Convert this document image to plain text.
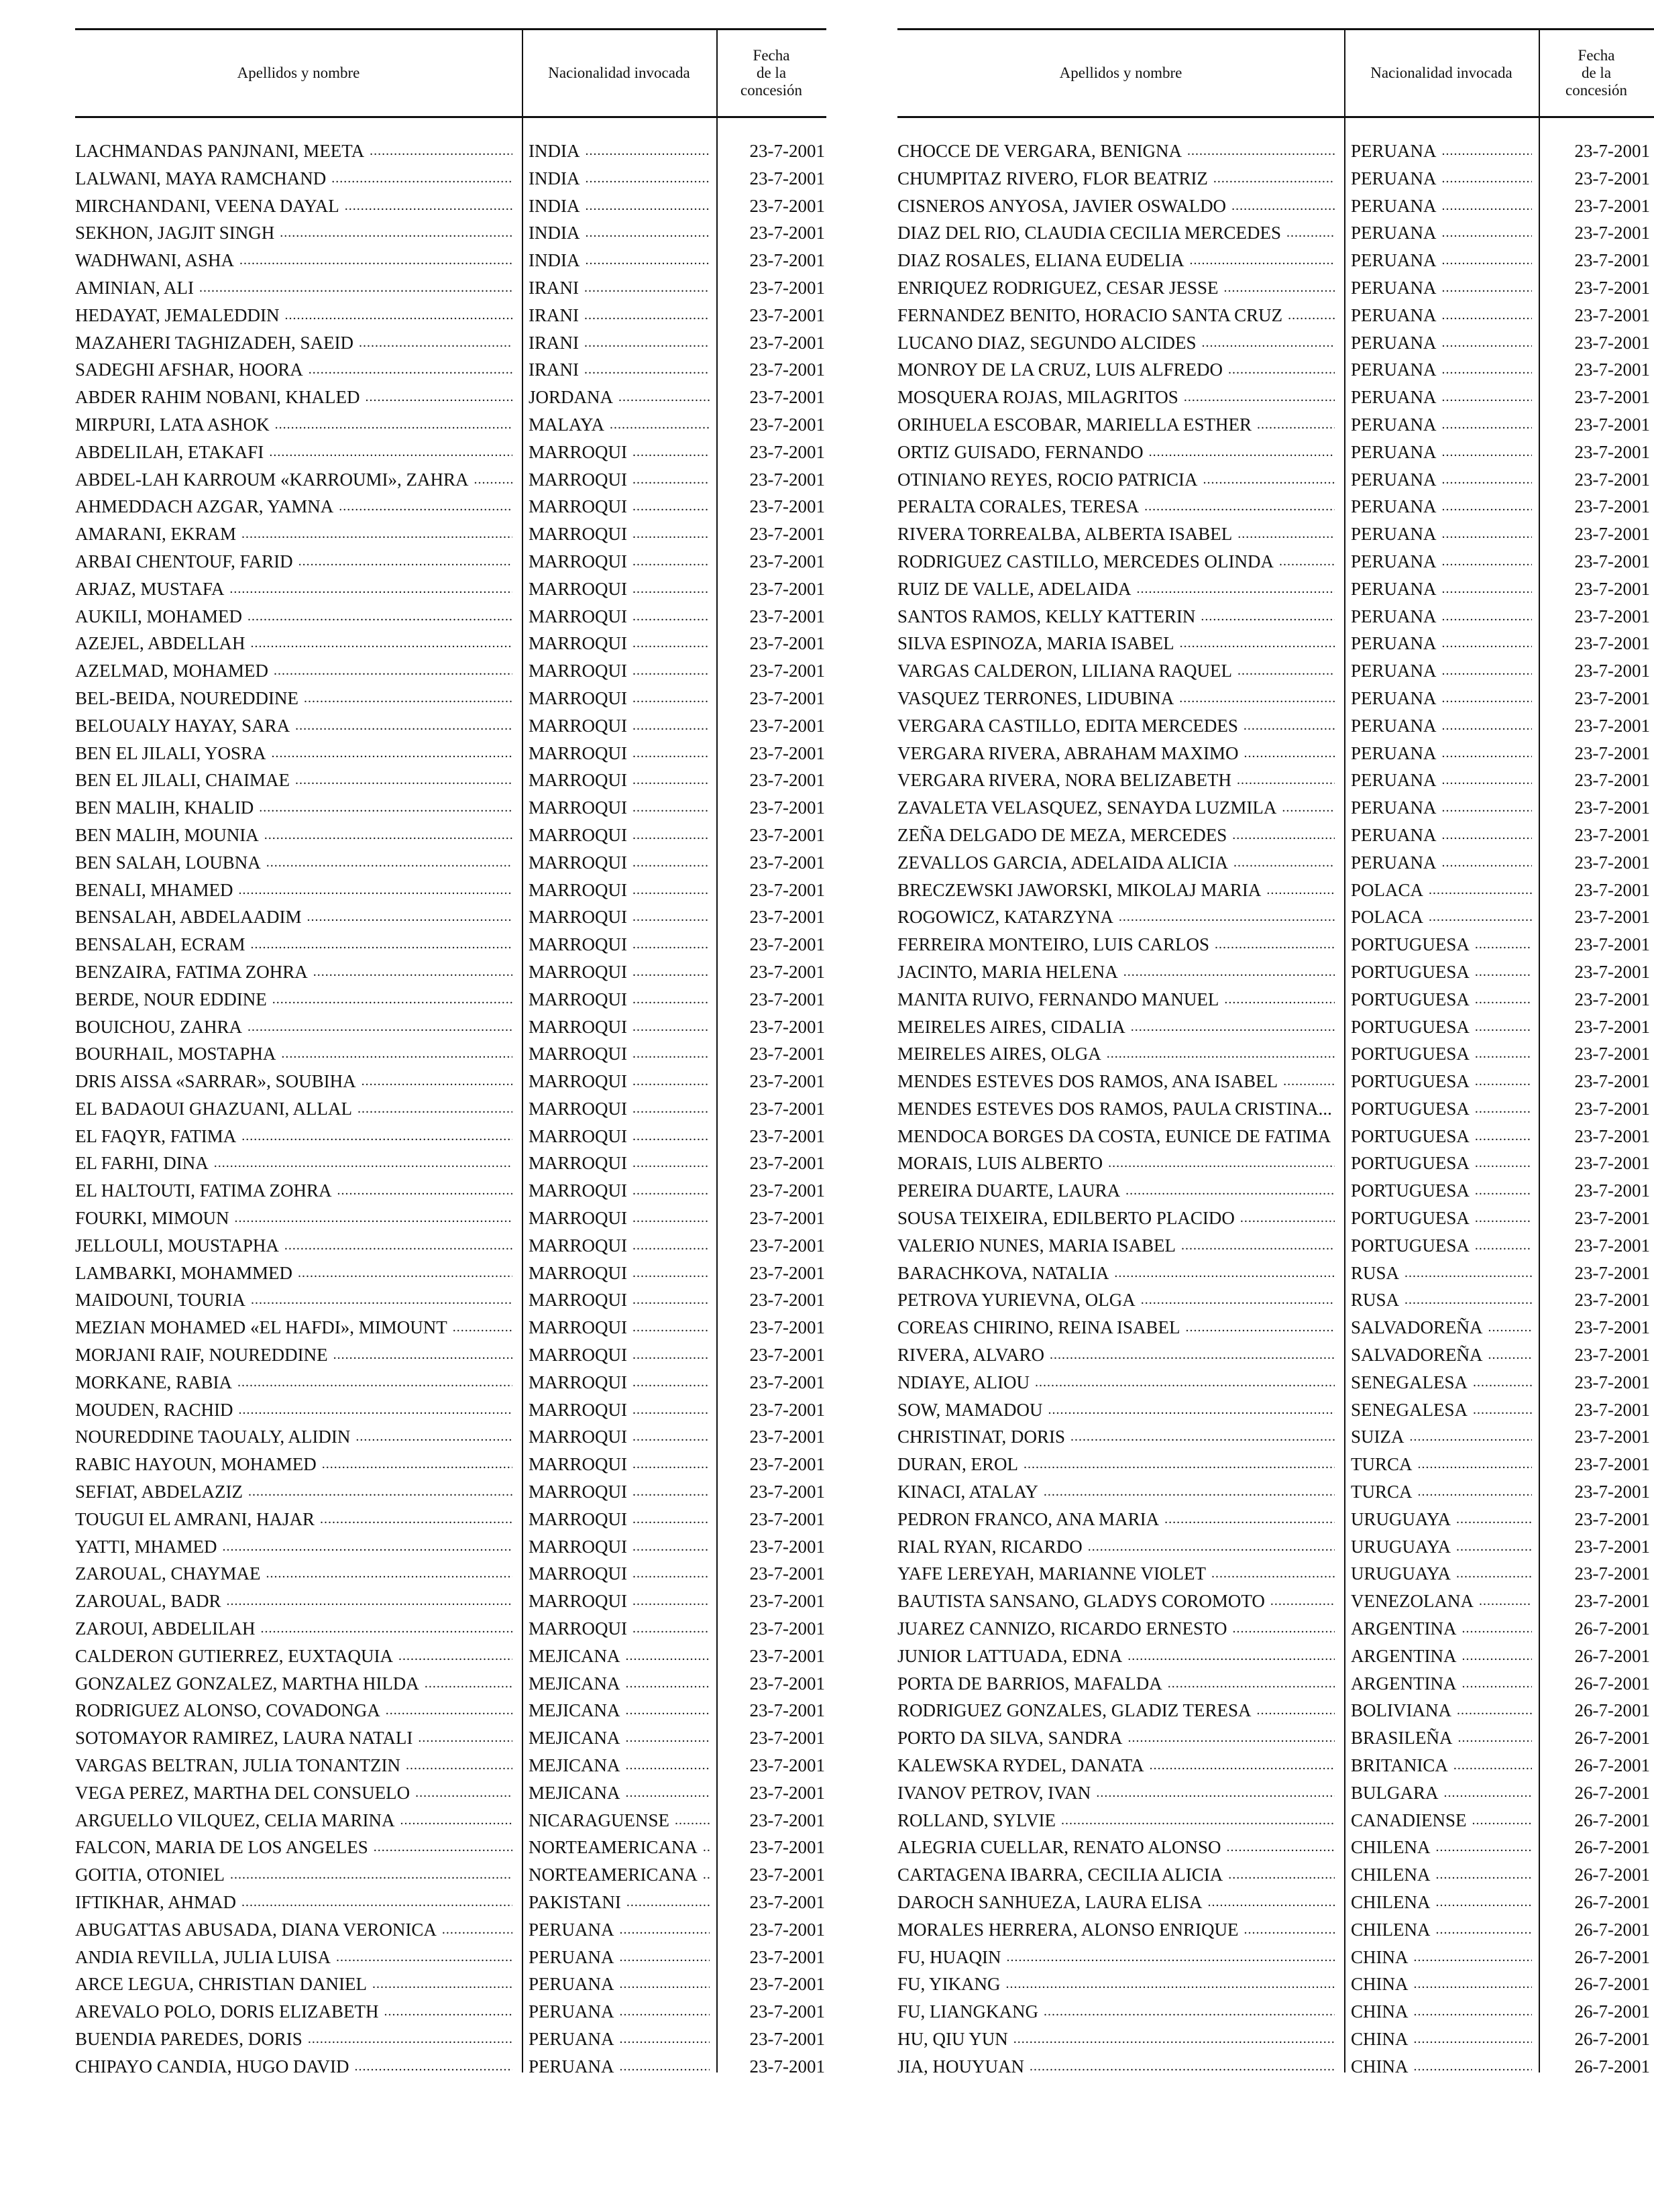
Apellidos y nombre	Nacionalidad invocada
Fecha
de la
concesión
LACHMANDAS PANJNANI, MEETA .....	INDIA .....	23-7-2001
LALWANI, MAYA RAMCHAND .....	INDIA .....	23-7-2001
MIRCHANDANI, VEENA DAYAL .....	INDIA .....	23-7-2001
SEKHON, JAGJIT SINGH .....	INDIA .....	23-7-2001
WADHWANI, ASHA .....	INDIA .....	23-7-2001
AMINIAN, ALI .....	IRANI .....	23-7-2001
HEDAYAT, JEMALEDDIN .....	IRANI .....	23-7-2001
MAZAHERI TAGHIZADEH, SAEID .....	IRANI .....	23-7-2001
SADEGHI AFSHAR, HOORA .....	IRANI .....	23-7-2001
ABDER RAHIM NOBANI, KHALED .....	JORDANA .....	23-7-2001
MIRPURI, LATA ASHOK .....	MALAYA .....	23-7-2001
ABDELILAH, ETAKAFI .....	MARROQUI .....	23-7-2001
ABDEL-LAH KARROUM «KARROUMI», ZAHRA .....	MARROQUI .....	23-7-2001
AHMEDDACH AZGAR, YAMNA .....	MARROQUI .....	23-7-2001
AMARANI, EKRAM .....	MARROQUI .....	23-7-2001
ARBAI CHENTOUF, FARID .....	MARROQUI .....	23-7-2001
ARJAZ, MUSTAFA .....	MARROQUI .....	23-7-2001
AUKILI, MOHAMED .....	MARROQUI .....	23-7-2001
AZEJEL, ABDELLAH .....	MARROQUI .....	23-7-2001
AZELMAD, MOHAMED .....	MARROQUI .....	23-7-2001
BEL-BEIDA, NOUREDDINE .....	MARROQUI .....	23-7-2001
BELOUALY HAYAY, SARA .....	MARROQUI .....	23-7-2001
BEN EL JILALI, YOSRA .....	MARROQUI .....	23-7-2001
BEN EL JILALI, CHAIMAE .....	MARROQUI .....	23-7-2001
BEN MALIH, KHALID .....	MARROQUI .....	23-7-2001
BEN MALIH, MOUNIA .....	MARROQUI .....	23-7-2001
BEN SALAH, LOUBNA .....	MARROQUI .....	23-7-2001
BENALI, MHAMED .....	MARROQUI .....	23-7-2001
BENSALAH, ABDELAADIM .....	MARROQUI .....	23-7-2001
BENSALAH, ECRAM .....	MARROQUI .....	23-7-2001
BENZAIRA, FATIMA ZOHRA .....	MARROQUI .....	23-7-2001
BERDE, NOUR EDDINE .....	MARROQUI .....	23-7-2001
BOUICHOU, ZAHRA .....	MARROQUI .....	23-7-2001
BOURHAIL, MOSTAPHA .....	MARROQUI .....	23-7-2001
DRIS AISSA «SARRAR», SOUBIHA .....	MARROQUI .....	23-7-2001
EL BADAOUI GHAZUANI, ALLAL .....	MARROQUI .....	23-7-2001
EL FAQYR, FATIMA .....	MARROQUI .....	23-7-2001
EL FARHI, DINA .....	MARROQUI .....	23-7-2001
EL HALTOUTI, FATIMA ZOHRA .....	MARROQUI .....	23-7-2001
FOURKI, MIMOUN .....	MARROQUI .....	23-7-2001
JELLOULI, MOUSTAPHA .....	MARROQUI .....	23-7-2001
LAMBARKI, MOHAMMED .....	MARROQUI .....	23-7-2001
MAIDOUNI, TOURIA .....	MARROQUI .....	23-7-2001
MEZIAN MOHAMED «EL HAFDI», MIMOUNT .....	MARROQUI .....	23-7-2001
MORJANI RAIF, NOUREDDINE .....	MARROQUI .....	23-7-2001
MORKANE, RABIA .....	MARROQUI .....	23-7-2001
MOUDEN, RACHID .....	MARROQUI .....	23-7-2001
NOUREDDINE TAOUALY, ALIDIN .....	MARROQUI .....	23-7-2001
RABIC HAYOUN, MOHAMED .....	MARROQUI .....	23-7-2001
SEFIAT, ABDELAZIZ .....	MARROQUI .....	23-7-2001
TOUGUI EL AMRANI, HAJAR .....	MARROQUI .....	23-7-2001
YATTI, MHAMED .....	MARROQUI .....	23-7-2001
ZAROUAL, CHAYMAE .....	MARROQUI .....	23-7-2001
ZAROUAL, BADR .....	MARROQUI .....	23-7-2001
ZAROUI, ABDELILAH .....	MARROQUI .....	23-7-2001
CALDERON GUTIERREZ, EUXTAQUIA .....	MEJICANA .....	23-7-2001
GONZALEZ GONZALEZ, MARTHA HILDA .....	MEJICANA .....	23-7-2001
RODRIGUEZ ALONSO, COVADONGA .....	MEJICANA .....	23-7-2001
SOTOMAYOR RAMIREZ, LAURA NATALI .....	MEJICANA .....	23-7-2001
VARGAS BELTRAN, JULIA TONANTZIN .....	MEJICANA .....	23-7-2001
VEGA PEREZ, MARTHA DEL CONSUELO .....	MEJICANA .....	23-7-2001
ARGUELLO VILQUEZ, CELIA MARINA .....	NICARAGUENSE .....	23-7-2001
FALCON, MARIA DE LOS ANGELES .....	NORTEAMERICANA .....	23-7-2001
GOITIA, OTONIEL .....	NORTEAMERICANA .....	23-7-2001
IFTIKHAR, AHMAD .....	PAKISTANI .....	23-7-2001
ABUGATTAS ABUSADA, DIANA VERONICA .....	PERUANA .....	23-7-2001
ANDIA REVILLA, JULIA LUISA .....	PERUANA .....	23-7-2001
ARCE LEGUA, CHRISTIAN DANIEL .....	PERUANA .....	23-7-2001
AREVALO POLO, DORIS ELIZABETH .....	PERUANA .....	23-7-2001
BUENDIA PAREDES, DORIS .....	PERUANA .....	23-7-2001
CHIPAYO CANDIA, HUGO DAVID .....	PERUANA .....	23-7-2001
Apellidos y nombre	Nacionalidad invocada
Fecha
de la
concesión
CHOCCE DE VERGARA, BENIGNA .....	PERUANA .....	23-7-2001
CHUMPITAZ RIVERO, FLOR BEATRIZ .....	PERUANA .....	23-7-2001
CISNEROS ANYOSA, JAVIER OSWALDO .....	PERUANA .....	23-7-2001
DIAZ DEL RIO, CLAUDIA CECILIA MERCEDES .....	PERUANA .....	23-7-2001
DIAZ ROSALES, ELIANA EUDELIA .....	PERUANA .....	23-7-2001
ENRIQUEZ RODRIGUEZ, CESAR JESSE .....	PERUANA .....	23-7-2001
FERNANDEZ BENITO, HORACIO SANTA CRUZ .....	PERUANA .....	23-7-2001
LUCANO DIAZ, SEGUNDO ALCIDES .....	PERUANA .....	23-7-2001
MONROY DE LA CRUZ, LUIS ALFREDO .....	PERUANA .....	23-7-2001
MOSQUERA ROJAS, MILAGRITOS .....	PERUANA .....	23-7-2001
ORIHUELA ESCOBAR, MARIELLA ESTHER .....	PERUANA .....	23-7-2001
ORTIZ GUISADO, FERNANDO .....	PERUANA .....	23-7-2001
OTINIANO REYES, ROCIO PATRICIA .....	PERUANA .....	23-7-2001
PERALTA CORALES, TERESA .....	PERUANA .....	23-7-2001
RIVERA TORREALBA, ALBERTA ISABEL .....	PERUANA .....	23-7-2001
RODRIGUEZ CASTILLO, MERCEDES OLINDA .....	PERUANA .....	23-7-2001
RUIZ DE VALLE, ADELAIDA .....	PERUANA .....	23-7-2001
SANTOS RAMOS, KELLY KATTERIN .....	PERUANA .....	23-7-2001
SILVA ESPINOZA, MARIA ISABEL .....	PERUANA .....	23-7-2001
VARGAS CALDERON, LILIANA RAQUEL .....	PERUANA .....	23-7-2001
VASQUEZ TERRONES, LIDUBINA .....	PERUANA .....	23-7-2001
VERGARA CASTILLO, EDITA MERCEDES .....	PERUANA .....	23-7-2001
VERGARA RIVERA, ABRAHAM MAXIMO .....	PERUANA .....	23-7-2001
VERGARA RIVERA, NORA BELIZABETH .....	PERUANA .....	23-7-2001
ZAVALETA VELASQUEZ, SENAYDA LUZMILA .....	PERUANA .....	23-7-2001
ZEÑA DELGADO DE MEZA, MERCEDES .....	PERUANA .....	23-7-2001
ZEVALLOS GARCIA, ADELAIDA ALICIA .....	PERUANA .....	23-7-2001
BRECZEWSKI JAWORSKI, MIKOLAJ MARIA .....	POLACA .....	23-7-2001
ROGOWICZ, KATARZYNA .....	POLACA .....	23-7-2001
FERREIRA MONTEIRO, LUIS CARLOS .....	PORTUGUESA .....	23-7-2001
JACINTO, MARIA HELENA .....	PORTUGUESA .....	23-7-2001
MANITA RUIVO, FERNANDO MANUEL .....	PORTUGUESA .....	23-7-2001
MEIRELES AIRES, CIDALIA .....	PORTUGUESA .....	23-7-2001
MEIRELES AIRES, OLGA .....	PORTUGUESA .....	23-7-2001
MENDES ESTEVES DOS RAMOS, ANA ISABEL .....	PORTUGUESA .....	23-7-2001
MENDES ESTEVES DOS RAMOS, PAULA CRISTINA... PORTUGUESA .....	23-7-2001
MENDOCA BORGES DA COSTA, EUNICE DE FATIMA PORTUGUESA .....	23-7-2001
MORAIS, LUIS ALBERTO .....	PORTUGUESA .....	23-7-2001
PEREIRA DUARTE, LAURA .....	PORTUGUESA .....	23-7-2001
SOUSA TEIXEIRA, EDILBERTO PLACIDO .....	PORTUGUESA .....	23-7-2001
VALERIO NUNES, MARIA ISABEL .....	PORTUGUESA .....	23-7-2001
BARACHKOVA, NATALIA .....	RUSA .....	23-7-2001
PETROVA YURIEVNA, OLGA .....	RUSA .....	23-7-2001
COREAS CHIRINO, REINA ISABEL .....	SALVADOREÑA .....	23-7-2001
RIVERA, ALVARO .....	SALVADOREÑA .....	23-7-2001
NDIAYE, ALIOU .....	SENEGALESA .....	23-7-2001
SOW, MAMADOU .....	SENEGALESA .....	23-7-2001
CHRISTINAT, DORIS .....	SUIZA .....	23-7-2001
DURAN, EROL .....	TURCA .....	23-7-2001
KINACI, ATALAY .....	TURCA .....	23-7-2001
PEDRON FRANCO, ANA MARIA .....	URUGUAYA .....	23-7-2001
RIAL RYAN, RICARDO .....	URUGUAYA .....	23-7-2001
YAFE LEREYAH, MARIANNE VIOLET .....	URUGUAYA .....	23-7-2001
BAUTISTA SANSANO, GLADYS COROMOTO .....	VENEZOLANA .....	23-7-2001
JUAREZ CANNIZO, RICARDO ERNESTO .....	ARGENTINA .....	26-7-2001
JUNIOR LATTUADA, EDNA .....	ARGENTINA .....	26-7-2001
PORTA DE BARRIOS, MAFALDA .....	ARGENTINA .....	26-7-2001
RODRIGUEZ GONZALES, GLADIZ TERESA .....	BOLIVIANA .....	26-7-2001
PORTO DA SILVA, SANDRA .....	BRASILEÑA .....	26-7-2001
KALEWSKA RYDEL, DANATA .....	BRITANICA .....	26-7-2001
IVANOV PETROV, IVAN .....	BULGARA .....	26-7-2001
ROLLAND, SYLVIE .....	CANADIENSE .....	26-7-2001
ALEGRIA CUELLAR, RENATO ALONSO .....	CHILENA .....	26-7-2001
CARTAGENA IBARRA, CECILIA ALICIA .....	CHILENA .....	26-7-2001
DAROCH SANHUEZA, LAURA ELISA .....	CHILENA .....	26-7-2001
MORALES HERRERA, ALONSO ENRIQUE .....	CHILENA .....	26-7-2001
FU, HUAQIN .....	CHINA .....	26-7-2001
FU, YIKANG .....	CHINA .....	26-7-2001
FU, LIANGKANG .....	CHINA .....	26-7-2001
HU, QIU YUN .....	CHINA .....	26-7-2001
JIA, HOUYUAN .....	CHINA .....	26-7-2001
